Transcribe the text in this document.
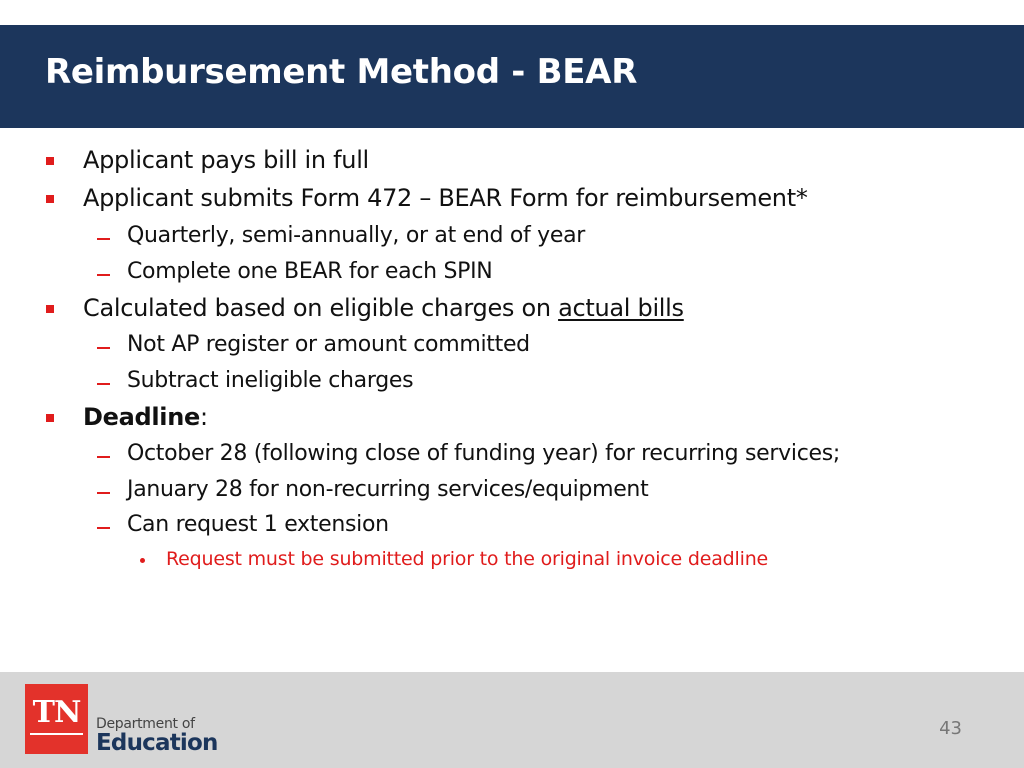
Reimbursement Method - BEAR
Applicant pays bill in full
Applicant submits Form 472 – BEAR Form for reimbursement*
Quarterly, semi-annually, or at end of year
Complete one BEAR for each SPIN
Calculated based on eligible charges on actual bills
Not AP register or amount committed
Subtract ineligible charges
Deadline:
October 28 (following close of funding year) for recurring services;
January 28 for non-recurring services/equipment
Can request 1 extension
Request must be submitted prior to the original invoice deadline
TN	Department of
Education
43
